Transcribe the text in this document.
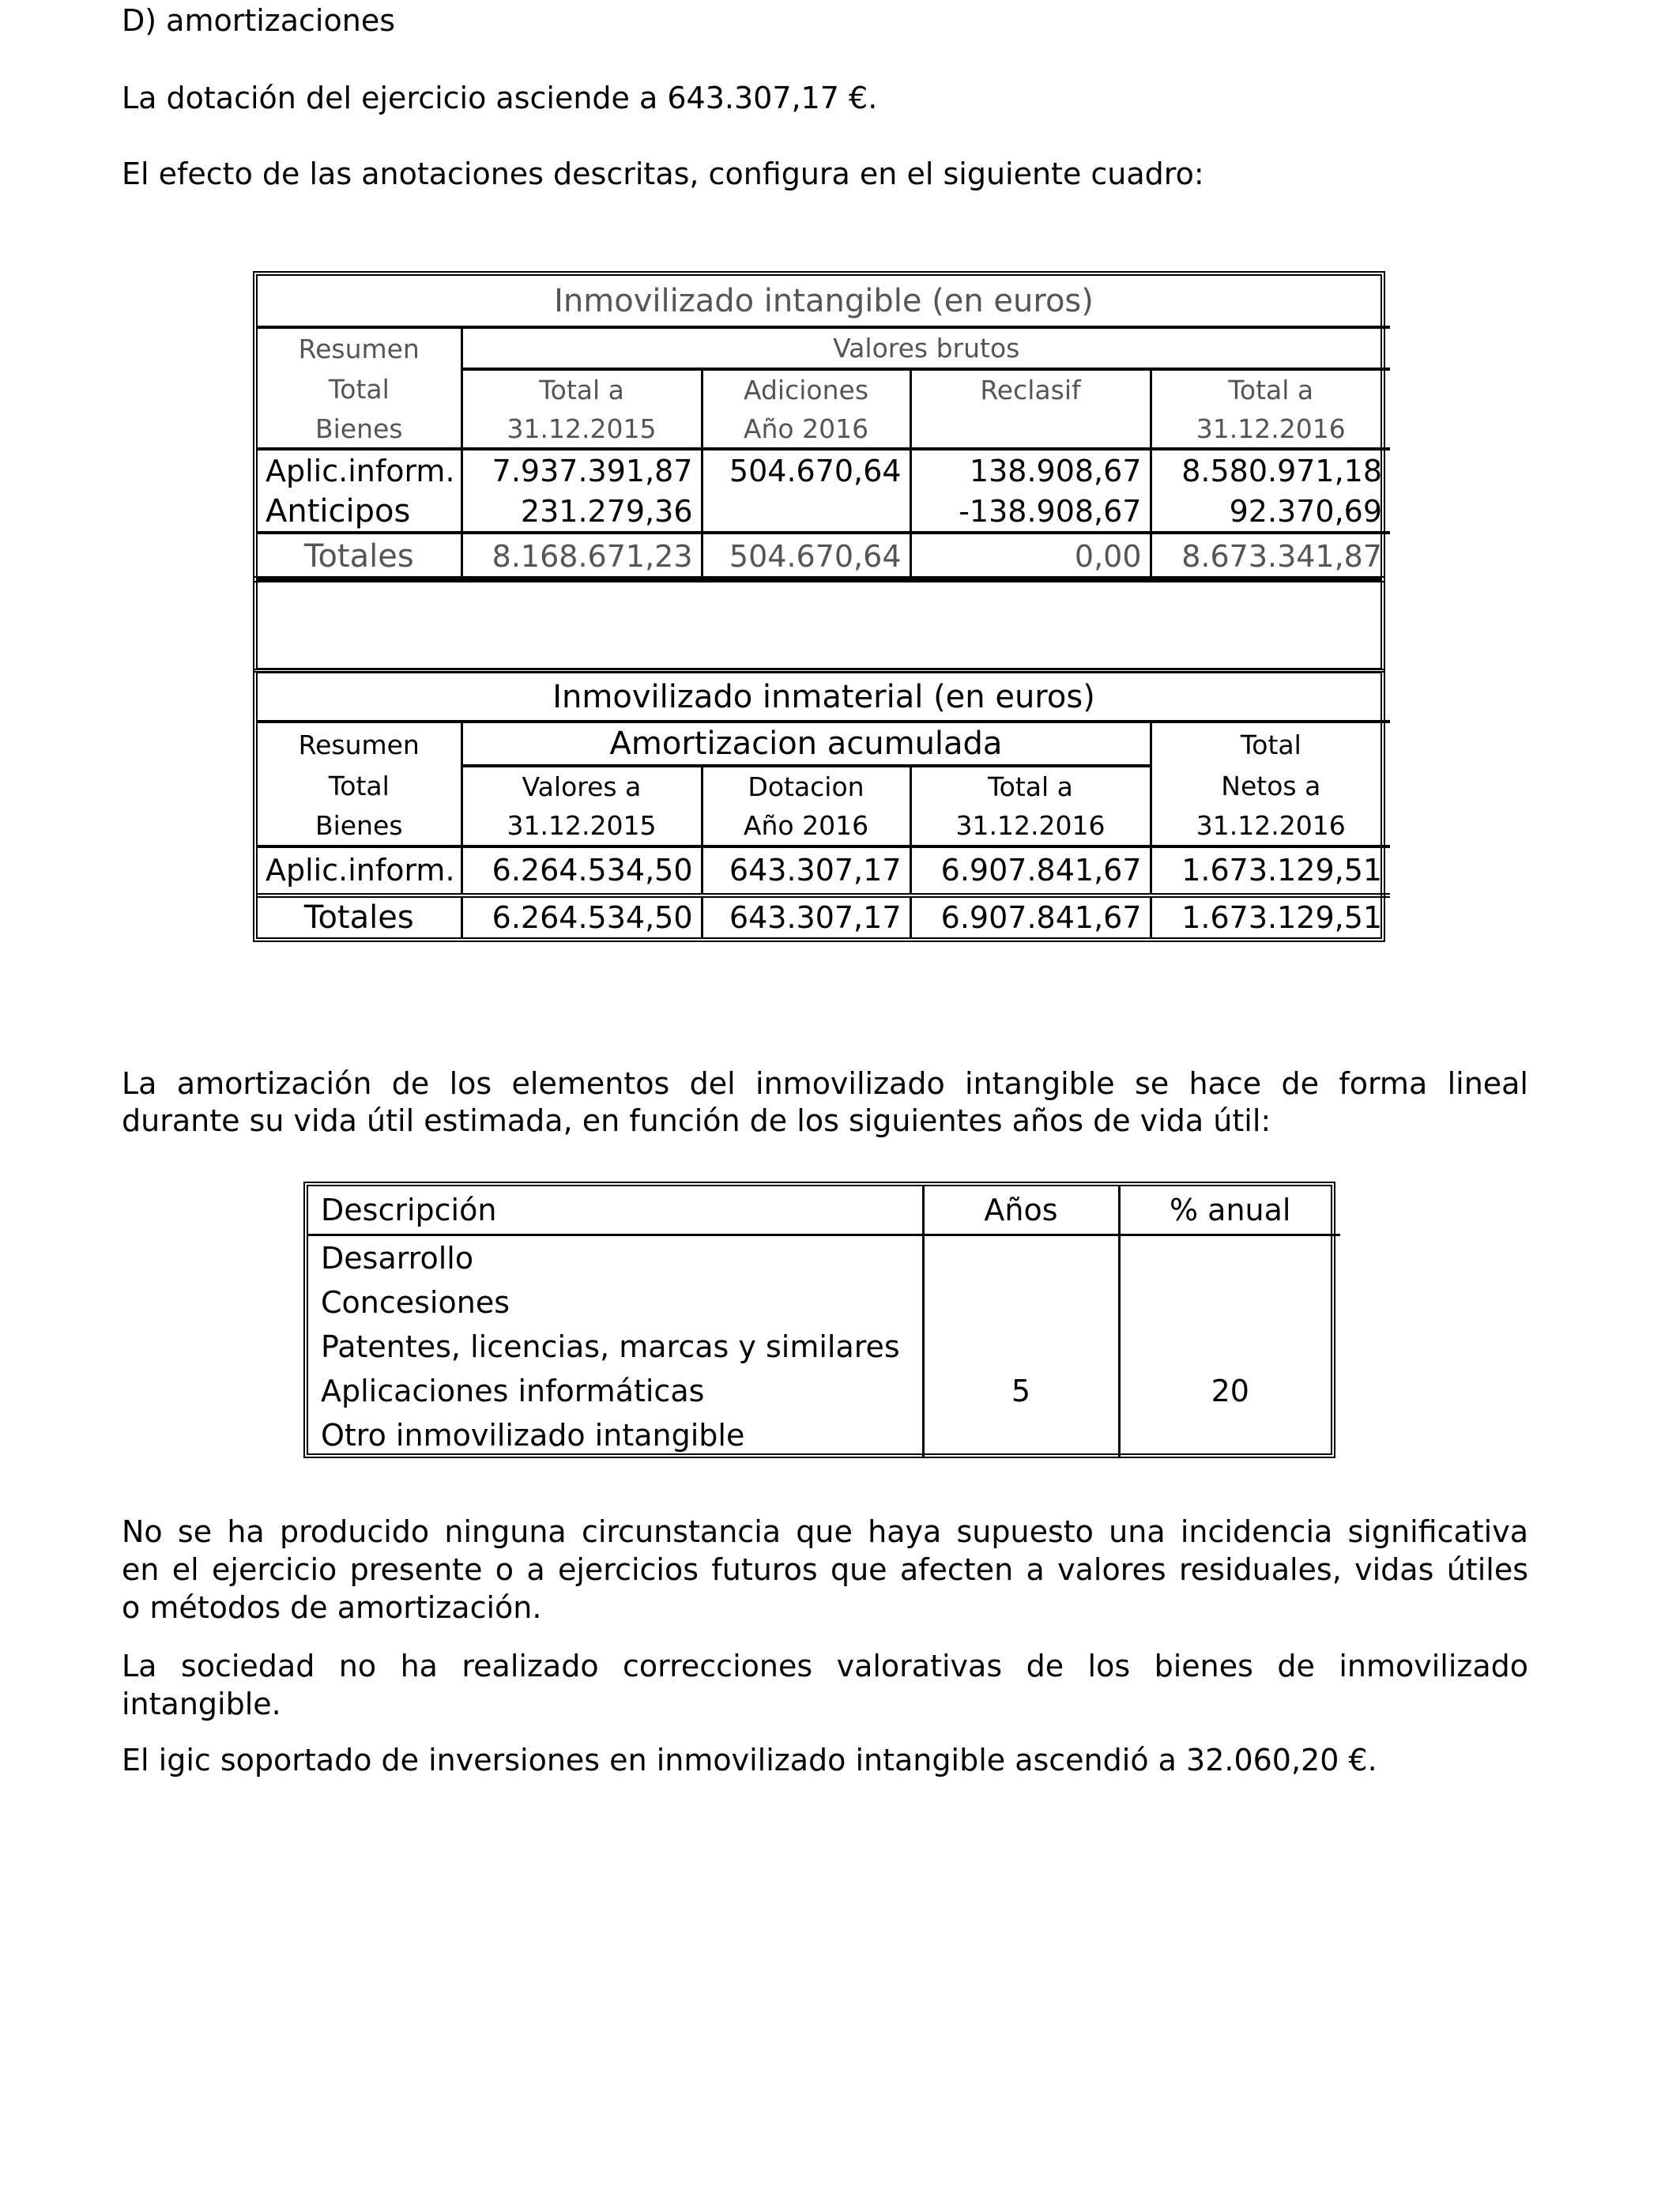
D) amortizaciones
La dotación del ejercicio asciende a 643.307,17 €.
El efecto de las anotaciones descritas, configura en el siguiente cuadro:
Inmovilizado intangible (en euros)				
Resumen	Valores brutos			
Total	Total a	Adiciones	Reclasif	Total a
Bienes	31.12.2015	Año 2016		31.12.2016
Aplic.inform.	7.937.391,87	504.670,64	138.908,67	8.580.971,18
Anticipos	231.279,36		-138.908,67	92.370,69
Totales	8.168.671,23	504.670,64	0,00	8.673.341,87
Inmovilizado inmaterial (en euros)				
Resumen	Amortizacion acumulada			Total
Total	Valores a	Dotacion	Total a	Netos a
Bienes	31.12.2015	Año 2016	31.12.2016	31.12.2016
Aplic.inform.	6.264.534,50	643.307,17	6.907.841,67	1.673.129,51
Totales	6.264.534,50	643.307,17	6.907.841,67	1.673.129,51
La amortización de los elementos del inmovilizado intangible se hace de forma lineal
durante su vida útil estimada, en función de los siguientes años de vida útil:
Descripción	Años	% anual

Desarrollo
Concesiones
Patentes, licencias, marcas y similares
Aplicaciones informáticas
Otro inmovilizado intangible	5	20
No se ha producido ninguna circunstancia que haya supuesto una incidencia significativa
en el ejercicio presente o a ejercicios futuros que afecten a valores residuales, vidas útiles
o métodos de amortización.
La sociedad no ha realizado correcciones valorativas de los bienes de inmovilizado
intangible.
El igic soportado de inversiones en inmovilizado intangible ascendió a 32.060,20 €.
